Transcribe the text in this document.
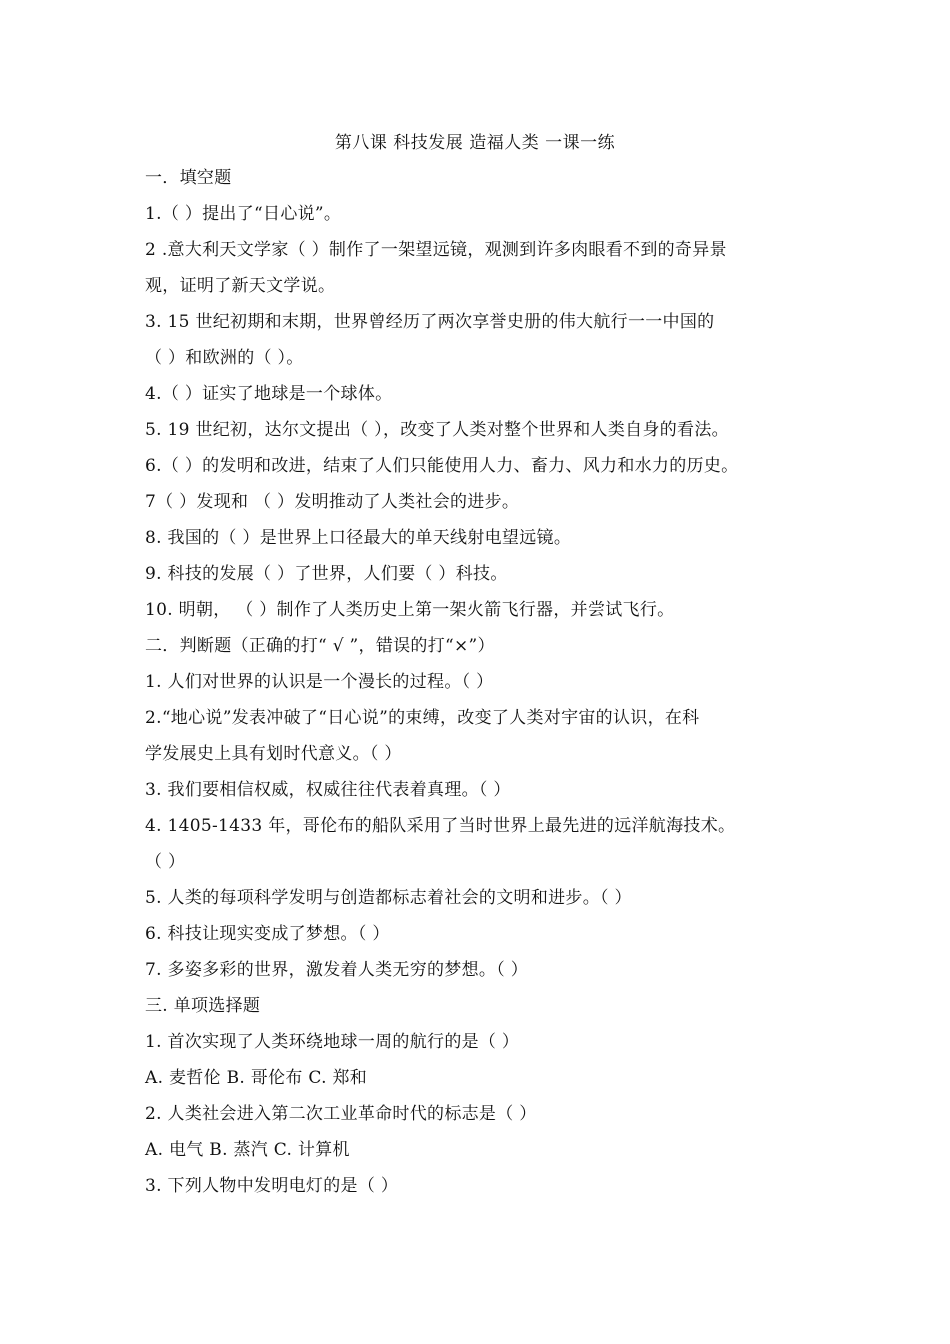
第八课 科技发展 造福人类 一课一练
一．填空题
1.（ ）提出了“日心说”。
2 .意大利天文学家（ ）制作了一架望远镜，观测到许多肉眼看不到的奇异景
观，证明了新天文学说。
3. 15 世纪初期和末期，世界曾经历了两次享誉史册的伟大航行一一中国的
（ ）和欧洲的（ ）。
4.（ ）证实了地球是一个球体。
5. 19 世纪初，达尔文提出（ ），改变了人类对整个世界和人类自身的看法。
6.（ ）的发明和改进，结束了人们只能使用人力、畜力、风力和水力的历史。
7（ ）发现和 （ ）发明推动了人类社会的进步。
8. 我国的（ ）是世界上口径最大的单天线射电望远镜。
9. 科技的发展（ ）了世界，人们要（ ）科技。
10. 明朝， （ ）制作了人类历史上第一架火箭飞行器，并尝试飞行。
二．判断题（正确的打“ √ ”，错误的打“×”）
1. 人们对世界的认识是一个漫长的过程。（ ）
2.“地心说”发表冲破了“日心说”的束缚，改变了人类对宇宙的认识，在科
学发展史上具有划时代意义。（ ）
3. 我们要相信权威，权威往往代表着真理。（ ）
4. 1405-1433 年，哥伦布的船队采用了当时世界上最先进的远洋航海技术。
（ ）
5. 人类的每项科学发明与创造都标志着社会的文明和进步。（ ）
6. 科技让现实变成了梦想。（ ）
7. 多姿多彩的世界，激发着人类无穷的梦想。（ ）
三. 单项选择题
1. 首次实现了人类环绕地球一周的航行的是（ ）
A. 麦哲伦 B. 哥伦布 C. 郑和
2. 人类社会进入第二次工业革命时代的标志是（ ）
A. 电气 B. 蒸汽 C. 计算机
3. 下列人物中发明电灯的是（ ）
